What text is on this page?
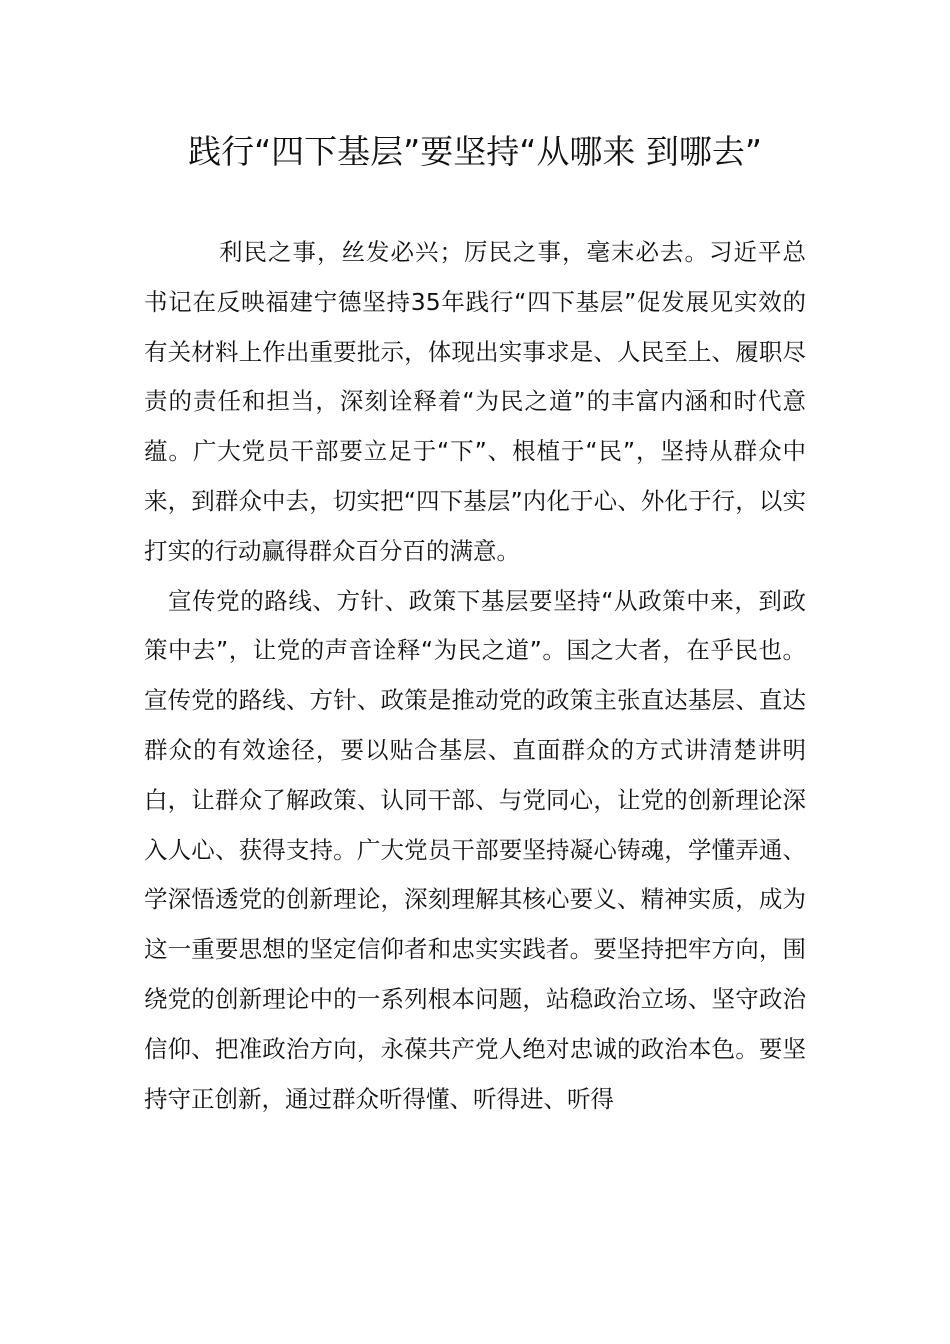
践行“四下基层”要坚持“从哪来 到哪去”

利民之事，丝发必兴；厉民之事，毫末必去。习近平总书记在反映福建宁德坚持35年践行“四下基层”促发展见实效的有关材料上作出重要批示，体现出实事求是、人民至上、履职尽责的责任和担当，深刻诠释着“为民之道”的丰富内涵和时代意蕴。广大党员干部要立足于“下”、根植于“民”，坚持从群众中来，到群众中去，切实把“四下基层”内化于心、外化于行，以实打实的行动赢得群众百分百的满意。

宣传党的路线、方针、政策下基层要坚持“从政策中来，到政策中去”，让党的声音诠释“为民之道”。国之大者，在乎民也。宣传党的路线、方针、政策是推动党的政策主张直达基层、直达群众的有效途径，要以贴合基层、直面群众的方式讲清楚讲明白，让群众了解政策、认同干部、与党同心，让党的创新理论深入人心、获得支持。广大党员干部要坚持凝心铸魂，学懂弄通、学深悟透党的创新理论，深刻理解其核心要义、精神实质，成为这一重要思想的坚定信仰者和忠实实践者。要坚持把牢方向，围绕党的创新理论中的一系列根本问题，站稳政治立场、坚守政治信仰、把准政治方向，永葆共产党人绝对忠诚的政治本色。要坚持守正创新，通过群众听得懂、听得进、听得
